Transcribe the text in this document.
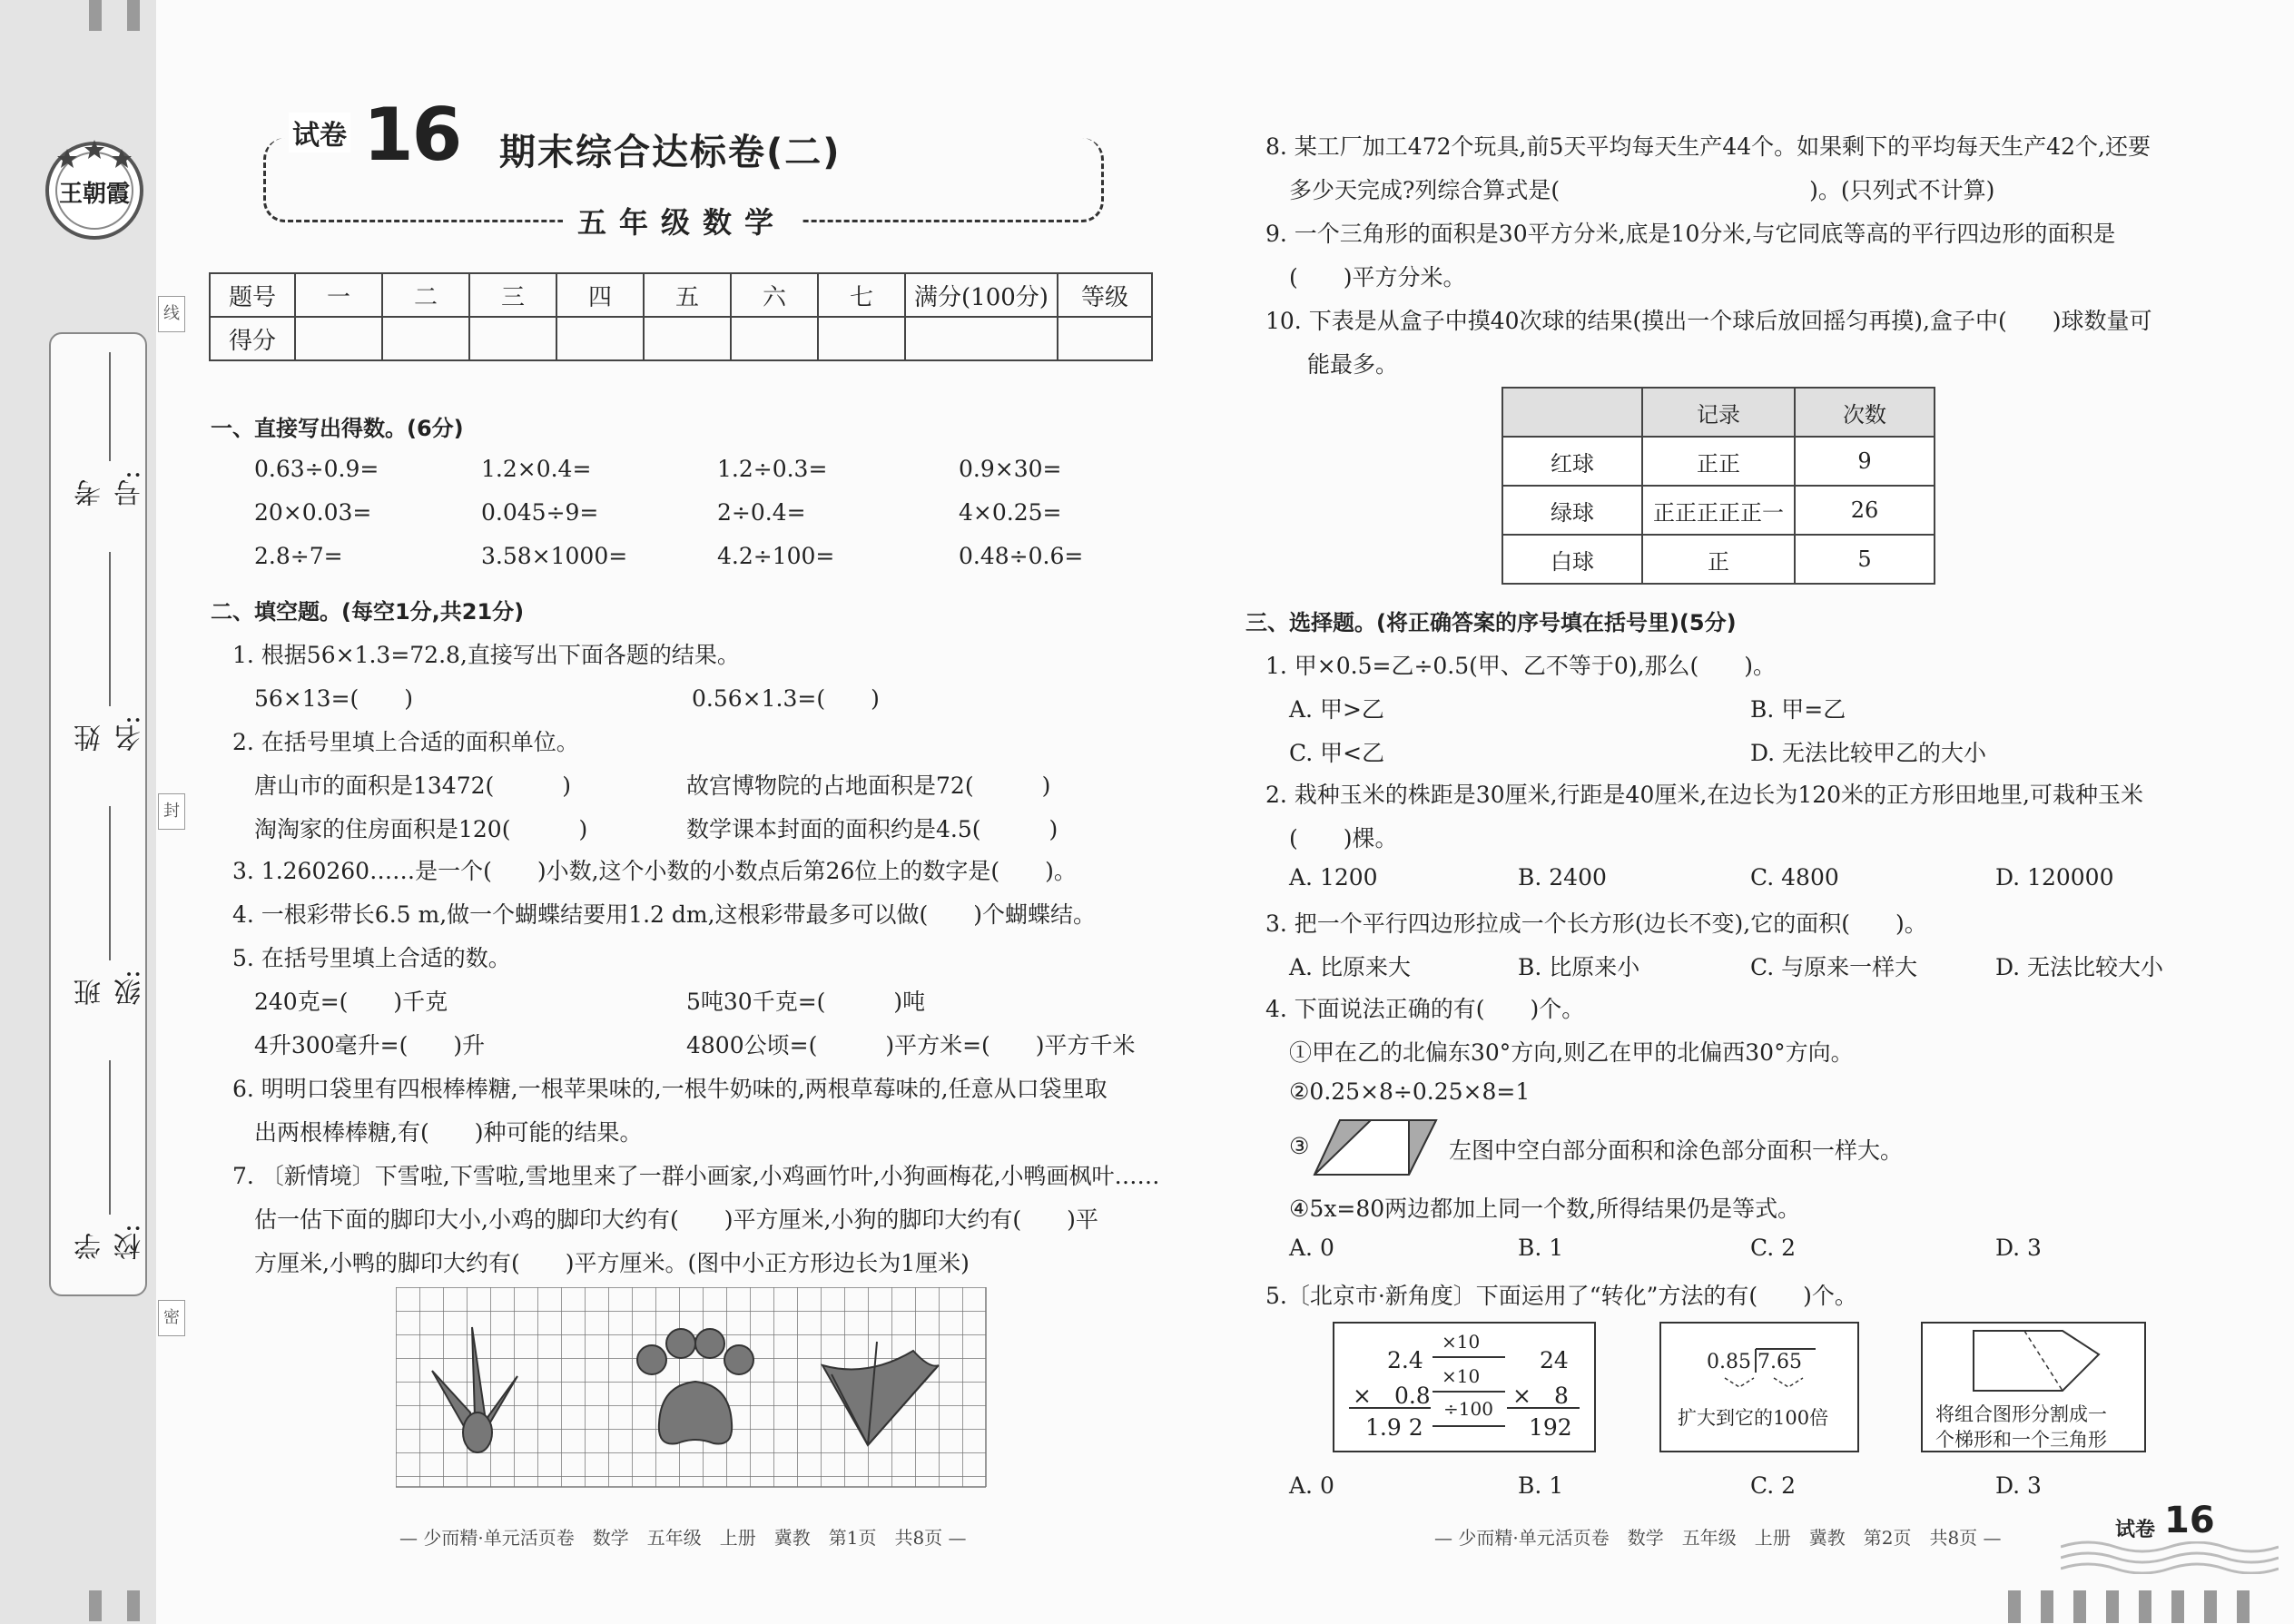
王朝霞
考号:
姓名:
班级:
学校:
线
封
密
试卷 16 期末综合达标卷(二)
五年级数学
题号	一	二	三	四	五	六	七	满分(100分)	等级
得分									
一、直接写出得数。(6分)
0.63÷0.9=	1.2×0.4=	1.2÷0.3=	0.9×30=
20×0.03=	0.045÷9=	2÷0.4=	4×0.25=
2.8÷7=	3.58×1000=	4.2÷100=	0.48÷0.6=
二、填空题。(每空1分,共21分)
1. 根据56×1.3=72.8,直接写出下面各题的结果。
56×13=(　　)	0.56×1.3=(　　)
2. 在括号里填上合适的面积单位。
唐山市的面积是13472(　　　)	故宫博物院的占地面积是72(　　　)
淘淘家的住房面积是120(　　　)	数学课本封面的面积约是4.5(　　　)
3. 1.260260……是一个(　　)小数,这个小数的小数点后第26位上的数字是(　　)。
4. 一根彩带长6.5 m,做一个蝴蝶结要用1.2 dm,这根彩带最多可以做(　　)个蝴蝶结。
5. 在括号里填上合适的数。
240克=(　　)千克	5吨30千克=(　　　)吨
4升300毫升=(　　)升	4800公顷=(　　　)平方米=(　　)平方千米
6. 明明口袋里有四根棒棒糖,一根苹果味的,一根牛奶味的,两根草莓味的,任意从口袋里取
出两根棒棒糖,有(　　)种可能的结果。
7. 〔新情境〕下雪啦,下雪啦,雪地里来了一群小画家,小鸡画竹叶,小狗画梅花,小鸭画枫叶……
估一估下面的脚印大小,小鸡的脚印大约有(　　)平方厘米,小狗的脚印大约有(　　)平
方厘米,小鸭的脚印大约有(　　)平方厘米。(图中小正方形边长为1厘米)
— 少而精·单元活页卷　数学　五年级　上册　冀教　第1页　共8页 —
8. 某工厂加工472个玩具,前5天平均每天生产44个。如果剩下的平均每天生产42个,还要
多少天完成?列综合算式是(　　　　　　　　　　　)。(只列式不计算)
9. 一个三角形的面积是30平方分米,底是10分米,与它同底等高的平行四边形的面积是
(　　)平方分米。
10. 下表是从盒子中摸40次球的结果(摸出一个球后放回摇匀再摸),盒子中(　　)球数量可
能最多。
	记录	次数
红球	正正	9
绿球	正正正正正一	26
白球	正	5
三、选择题。(将正确答案的序号填在括号里)(5分)
1. 甲×0.5=乙÷0.5(甲、乙不等于0),那么(　　)。
A. 甲>乙	B. 甲=乙
C. 甲<乙	D. 无法比较甲乙的大小
2. 栽种玉米的株距是30厘米,行距是40厘米,在边长为120米的正方形田地里,可栽种玉米
(　　)棵。
A. 1200	B. 2400	C. 4800	D. 120000
3. 把一个平行四边形拉成一个长方形(边长不变),它的面积(　　)。
A. 比原来大	B. 比原来小	C. 与原来一样大	D. 无法比较大小
4. 下面说法正确的有(　　)个。
①甲在乙的北偏东30°方向,则乙在甲的北偏西30°方向。
②0.25×8÷0.25×8=1
③	左图中空白部分面积和涂色部分面积一样大。
④5x=80两边都加上同一个数,所得结果仍是等式。
A. 0	B. 1	C. 2	D. 3
5.〔北京市·新角度〕下面运用了“转化”方法的有(　　)个。
2.4
×　0.8
1.9 2
24
×　8
192
×10
×10
÷100
0.85 7.65
扩大到它的100倍	将组合图形分割成一
个梯形和一个三角形
A. 0	B. 1	C. 2	D. 3
— 少而精·单元活页卷　数学　五年级　上册　冀教　第2页　共8页 —	试卷 16
